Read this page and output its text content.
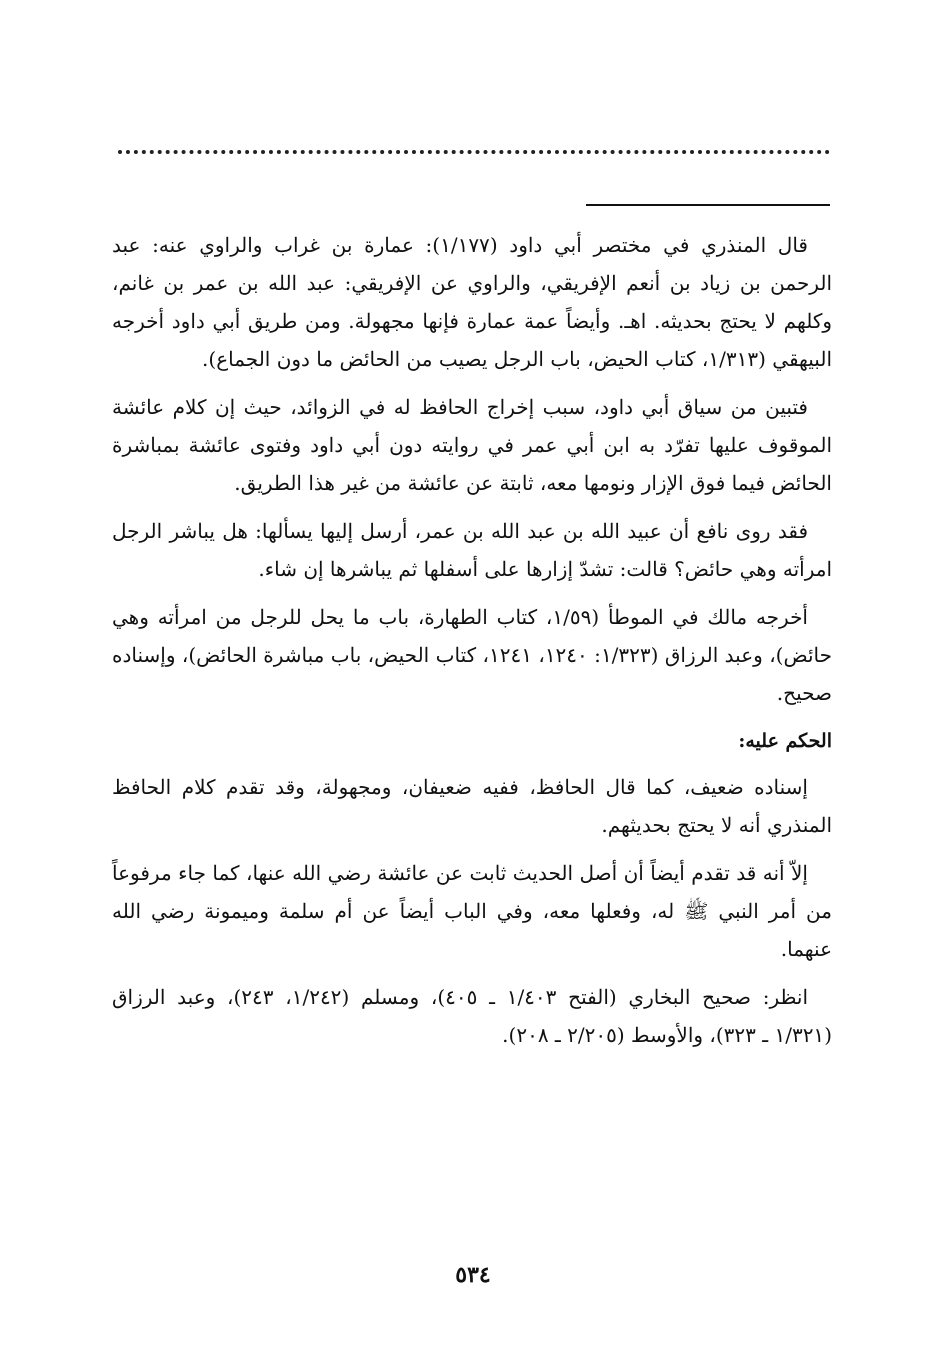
قال المنذري في مختصر أبي داود (١/١٧٧): عمارة بن غراب والراوي عنه: عبد الرحمن بن زياد بن أنعم الإفريقي، والراوي عن الإفريقي: عبد الله بن عمر بن غانم، وكلهم لا يحتج بحديثه. اهـ. وأيضاً عمة عمارة فإنها مجهولة. ومن طريق أبي داود أخرجه البيهقي (١/٣١٣، كتاب الحيض، باب الرجل يصيب من الحائض ما دون الجماع).

فتبين من سياق أبي داود، سبب إخراج الحافظ له في الزوائد، حيث إن كلام عائشة الموقوف عليها تفرّد به ابن أبي عمر في روايته دون أبي داود وفتوى عائشة بمباشرة الحائض فيما فوق الإزار ونومها معه، ثابتة عن عائشة من غير هذا الطريق.

فقد روى نافع أن عبيد الله بن عبد الله بن عمر، أرسل إليها يسألها: هل يباشر الرجل امرأته وهي حائض؟ قالت: تشدّ إزارها على أسفلها ثم يباشرها إن شاء.

أخرجه مالك في الموطأ (١/٥٩، كتاب الطهارة، باب ما يحل للرجل من امرأته وهي حائض)، وعبد الرزاق (١/٣٢٣: ١٢٤٠، ١٢٤١، كتاب الحيض، باب مباشرة الحائض)، وإسناده صحيح.

الحكم عليه:

إسناده ضعيف، كما قال الحافظ، ففيه ضعيفان، ومجهولة، وقد تقدم كلام الحافظ المنذري أنه لا يحتج بحديثهم.

إلاّ أنه قد تقدم أيضاً أن أصل الحديث ثابت عن عائشة رضي الله عنها، كما جاء مرفوعاً من أمر النبي ﷺ له، وفعلها معه، وفي الباب أيضاً عن أم سلمة وميمونة رضي الله عنهما.

انظر: صحيح البخاري (الفتح ١/٤٠٣ ـ ٤٠٥)، ومسلم (١/٢٤٢، ٢٤٣)، وعبد الرزاق (١/٣٢١ ـ ٣٢٣)، والأوسط (٢/٢٠٥ ـ ٢٠٨).

٥٣٤
